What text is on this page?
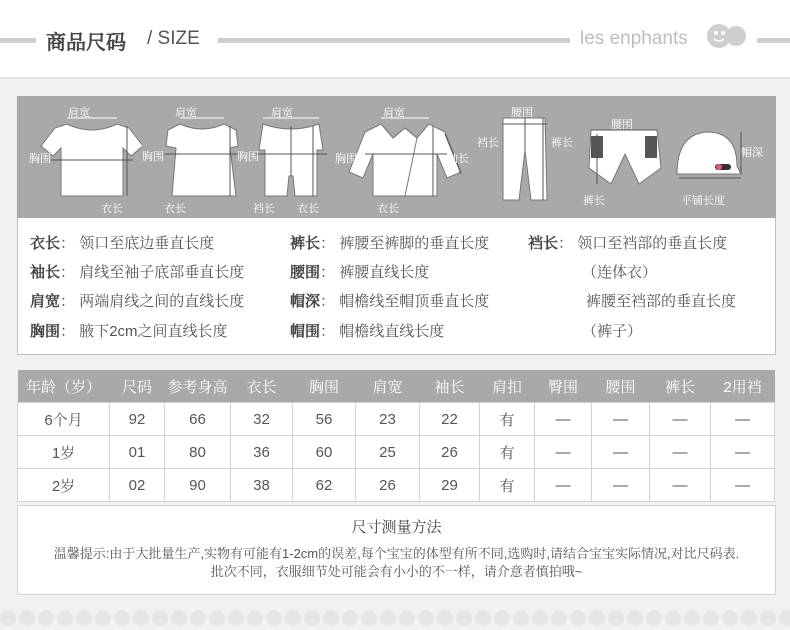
商品尺码 / SIZE	les enphants
肩宽
胸围
衣长
肩宽
胸围
衣长
肩宽
胸围
裆长 衣长
肩宽
胸围	袖长
衣长
腰围
裆长	裤长
腰围
裤长
帽深
平铺长度
衣长： 领口至底边垂直长度
袖长： 肩线至袖子底部垂直长度
肩宽： 两端肩线之间的直线长度
胸围： 腋下2cm之间直线长度
裤长： 裤腰至裤脚的垂直长度
腰围： 裤腰直线长度
帽深： 帽檐线至帽顶垂直长度
帽围： 帽檐线直线长度
裆长： 领口至裆部的垂直长度
（连体衣）
裤腰至裆部的垂直长度
（裤子）
年龄（岁）	尺码	参考身高	衣长	胸围	肩宽	袖长	肩扣	臀围	腰围	裤长	2用裆
6个月	92	66	32	56	23	22	有	—	—	—	—
1岁	01	80	36	60	25	26	有	—	—	—	—
2岁	02	90	38	62	26	29	有	—	—	—	—
尺寸测量方法
温馨提示:由于大批量生产,实物有可能有1-2cm的误差,每个宝宝的体型有所不同,选购时,请结合宝宝实际情况,对比尺码表.
批次不同，衣服细节处可能会有小小的不一样，请介意者慎拍哦~
